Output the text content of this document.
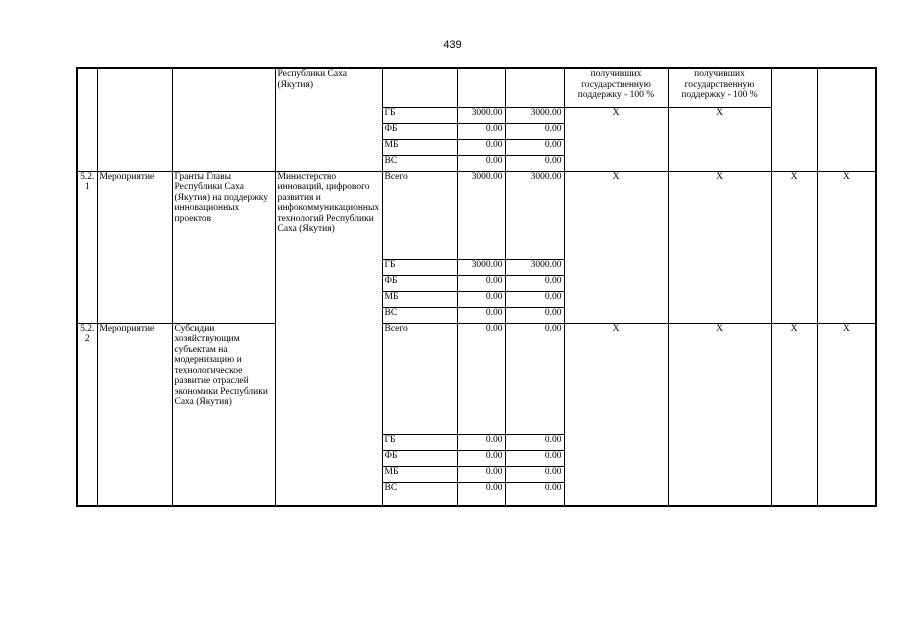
439
			Республики Саха (Якутия)				получивших государственную поддержку - 100 %	получивших государственную поддержку - 100 %		
				ГБ	3000.00	3000.00	X	X		
				ФБ	0.00	0.00				
				МБ	0.00	0.00				
				ВС	0.00	0.00				
5.2. 1	Мероприятие	Гранты Главы Республики Саха (Якутия) на поддержку инновационных проектов	Министерство инноваций, цифрового развития и инфокоммуникационных технологий Республики Саха (Якутия)	Всего	3000.00	3000.00	X	X	X	X
				ГБ	3000.00	3000.00				
				ФБ	0.00	0.00				
				МБ	0.00	0.00				
				ВС	0.00	0.00				
5.2. 2	Мероприятие	Субсидии хозяйствующим субъектам на модернизацию и технологическое развитие отраслей экономики Республики Саха (Якутия)		Всего	0.00	0.00	X	X	X	X
				ГБ	0.00	0.00				
				ФБ	0.00	0.00				
				МБ	0.00	0.00				
				ВС	0.00	0.00				
